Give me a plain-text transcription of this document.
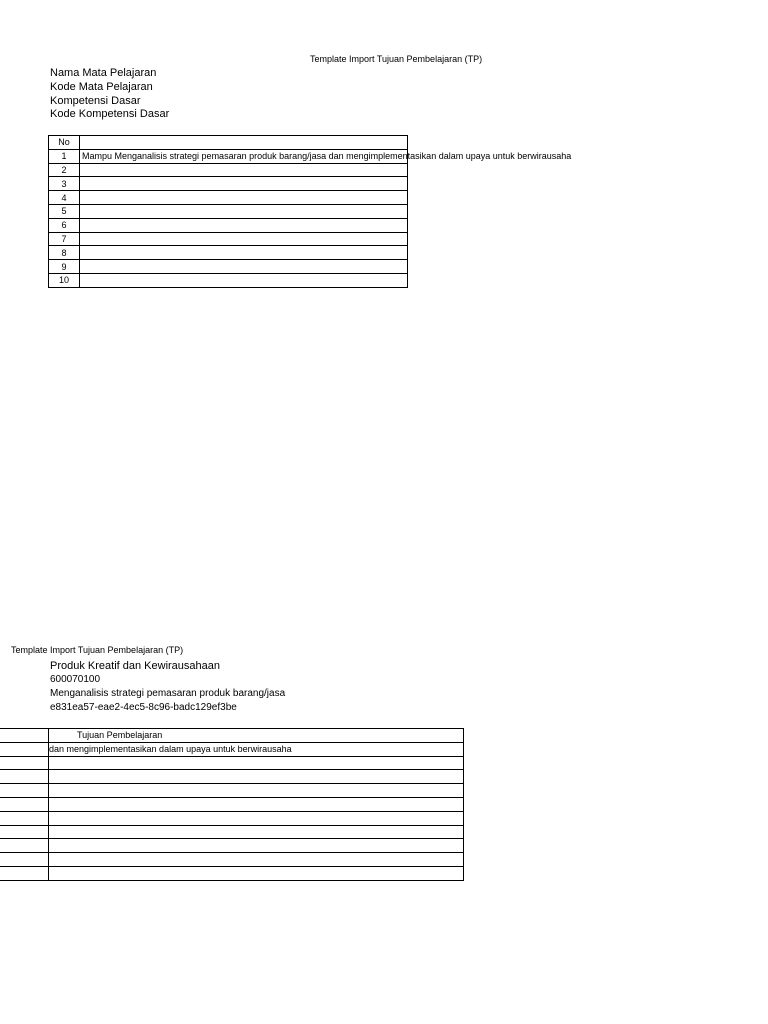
Template Import Tujuan Pembelajaran (TP)
Nama Mata Pelajaran
Kode Mata Pelajaran
Kompetensi Dasar
Kode Kompetensi Dasar
No	
1	Mampu Menganalisis strategi pemasaran produk barang/jasa dan mengimplementasikan dalam upaya untuk berwirausaha
2	
3	
4	
5	
6	
7	
8	
9	
10	
Template Import Tujuan Pembelajaran (TP)
Produk Kreatif dan Kewirausahaan
600070100
Menganalisis strategi pemasaran produk barang/jasa
e831ea57-eae2-4ec5-8c96-badc129ef3be
	Tujuan Pembelajaran
	dan mengimplementasikan dalam upaya untuk berwirausaha
